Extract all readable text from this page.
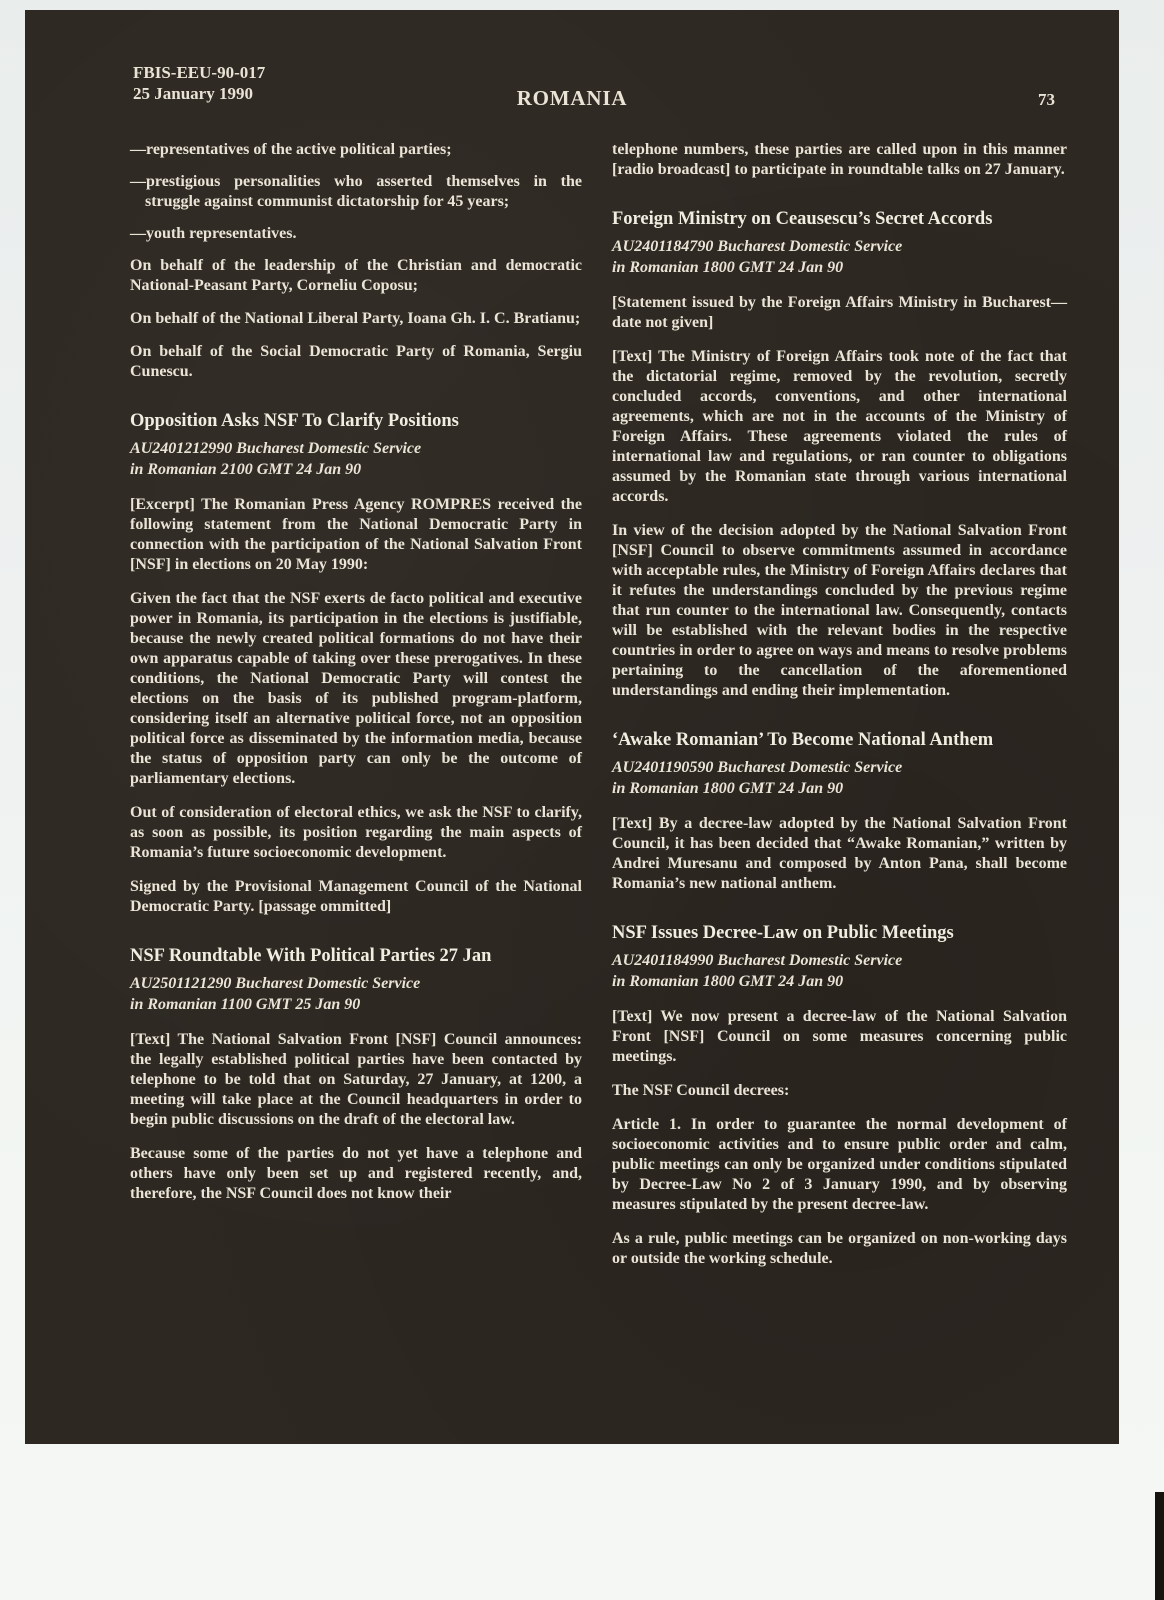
FBIS-EEU-90-017
25 January 1990	ROMANIA	73

—representatives of the active political parties;

—prestigious personalities who asserted themselves in the struggle against communist dictatorship for 45 years;

—youth representatives.

On behalf of the leadership of the Christian and democratic National-Peasant Party, Corneliu Coposu;

On behalf of the National Liberal Party, Ioana Gh. I. C. Bratianu;

On behalf of the Social Democratic Party of Romania, Sergiu Cunescu.

Opposition Asks NSF To Clarify Positions
AU2401212990 Bucharest Domestic Service
in Romanian 2100 GMT 24 Jan 90

[Excerpt] The Romanian Press Agency ROMPRES received the following statement from the National Democratic Party in connection with the participation of the National Salvation Front [NSF] in elections on 20 May 1990:

Given the fact that the NSF exerts de facto political and executive power in Romania, its participation in the elections is justifiable, because the newly created political formations do not have their own apparatus capable of taking over these prerogatives. In these conditions, the National Democratic Party will contest the elections on the basis of its published program-platform, considering itself an alternative political force, not an opposition political force as disseminated by the information media, because the status of opposition party can only be the outcome of parliamentary elections.

Out of consideration of electoral ethics, we ask the NSF to clarify, as soon as possible, its position regarding the main aspects of Romania’s future socioeconomic development.

Signed by the Provisional Management Council of the National Democratic Party. [passage ommitted]

NSF Roundtable With Political Parties 27 Jan
AU2501121290 Bucharest Domestic Service
in Romanian 1100 GMT 25 Jan 90

[Text] The National Salvation Front [NSF] Council announces: the legally established political parties have been contacted by telephone to be told that on Saturday, 27 January, at 1200, a meeting will take place at the Council headquarters in order to begin public discussions on the draft of the electoral law.

Because some of the parties do not yet have a telephone and others have only been set up and registered recently, and, therefore, the NSF Council does not know their

telephone numbers, these parties are called upon in this manner [radio broadcast] to participate in roundtable talks on 27 January.

Foreign Ministry on Ceausescu’s Secret Accords
AU2401184790 Bucharest Domestic Service
in Romanian 1800 GMT 24 Jan 90

[Statement issued by the Foreign Affairs Ministry in Bucharest—date not given]

[Text] The Ministry of Foreign Affairs took note of the fact that the dictatorial regime, removed by the revolution, secretly concluded accords, conventions, and other international agreements, which are not in the accounts of the Ministry of Foreign Affairs. These agreements violated the rules of international law and regulations, or ran counter to obligations assumed by the Romanian state through various international accords.

In view of the decision adopted by the National Salvation Front [NSF] Council to observe commitments assumed in accordance with acceptable rules, the Ministry of Foreign Affairs declares that it refutes the understandings concluded by the previous regime that run counter to the international law. Consequently, contacts will be established with the relevant bodies in the respective countries in order to agree on ways and means to resolve problems pertaining to the cancellation of the aforementioned understandings and ending their implementation.

‘Awake Romanian’ To Become National Anthem
AU2401190590 Bucharest Domestic Service
in Romanian 1800 GMT 24 Jan 90

[Text] By a decree-law adopted by the National Salvation Front Council, it has been decided that “Awake Romanian,” written by Andrei Muresanu and composed by Anton Pana, shall become Romania’s new national anthem.

NSF Issues Decree-Law on Public Meetings
AU2401184990 Bucharest Domestic Service
in Romanian 1800 GMT 24 Jan 90

[Text] We now present a decree-law of the National Salvation Front [NSF] Council on some measures concerning public meetings.

The NSF Council decrees:

Article 1. In order to guarantee the normal development of socioeconomic activities and to ensure public order and calm, public meetings can only be organized under conditions stipulated by Decree-Law No 2 of 3 January 1990, and by observing measures stipulated by the present decree-law.

As a rule, public meetings can be organized on non-working days or outside the working schedule.
